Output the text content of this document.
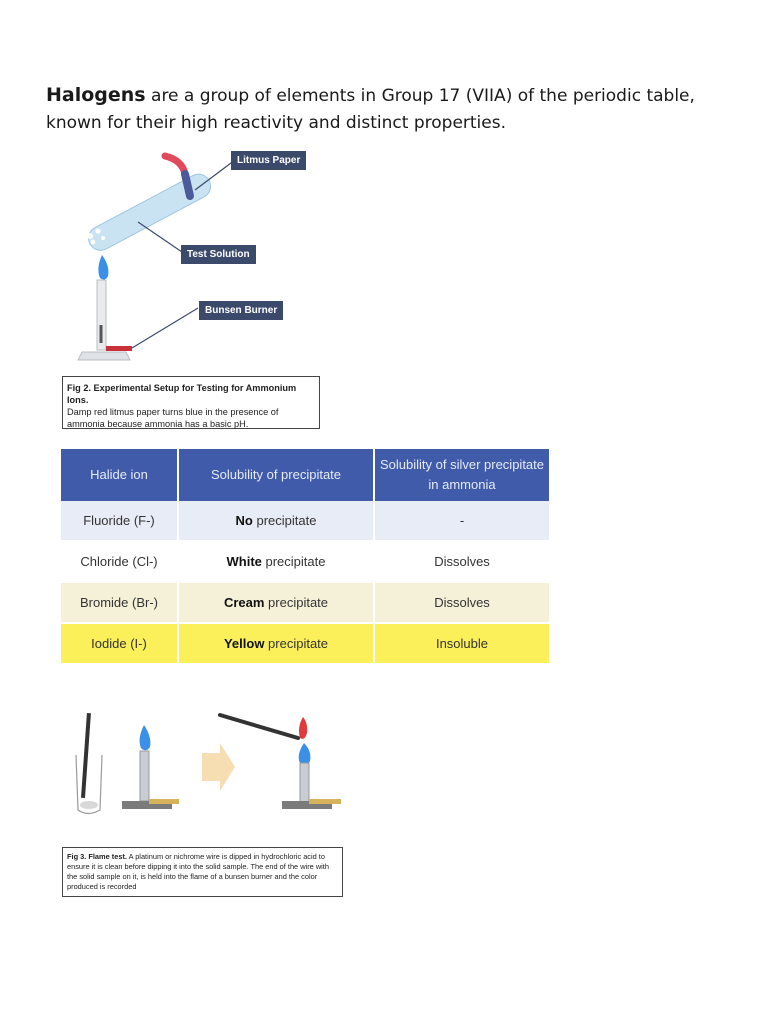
Halogens are a group of elements in Group 17 (VIIA) of the periodic table, known for their high reactivity and distinct properties.

Litmus Paper
Test Solution
Bunsen Burner
Fig 2. Experimental Setup for Testing for Ammonium Ions.
Damp red litmus paper turns blue in the presence of ammonia because ammonia has a basic pH.
Halide ion	Solubility of precipitate	Solubility of silver precipitate in ammonia
Fluoride (F-)	No precipitate	-
Chloride (Cl-)	White precipitate	Dissolves
Bromide (Br-)	Cream precipitate	Dissolves
Iodide (I-)	Yellow precipitate	Insoluble
Fig 3. Flame test. A platinum or nichrome wire is dipped in hydrochloric acid to ensure it is clean before dipping it into the solid sample. The end of the wire with the solid sample on it, is held into the flame of a bunsen burner and the color produced is recorded
